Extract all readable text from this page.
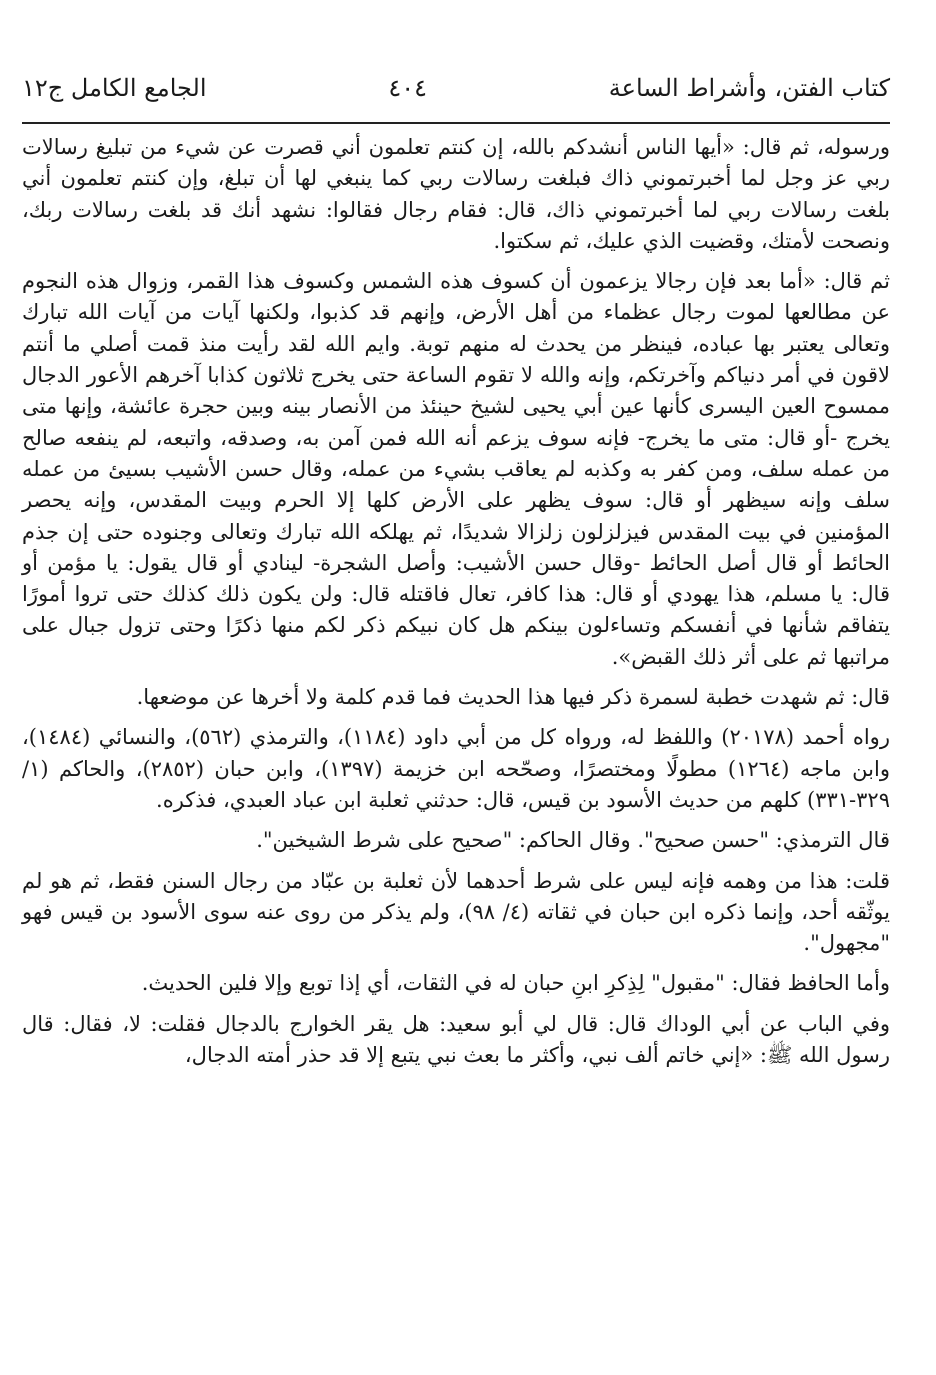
كتاب الفتن، وأشراط الساعة
٤٠٤
الجامع الكامل ج١٢

ورسوله، ثم قال: «أيها الناس أنشدكم بالله، إن كنتم تعلمون أني قصرت عن شيء من تبليغ رسالات ربي عز وجل لما أخبرتموني ذاك فبلغت رسالات ربي كما ينبغي لها أن تبلغ، وإن كنتم تعلمون أني بلغت رسالات ربي لما أخبرتموني ذاك، قال: فقام رجال فقالوا: نشهد أنك قد بلغت رسالات ربك، ونصحت لأمتك، وقضيت الذي عليك، ثم سكتوا.

ثم قال: «أما بعد فإن رجالا يزعمون أن كسوف هذه الشمس وكسوف هذا القمر، وزوال هذه النجوم عن مطالعها لموت رجال عظماء من أهل الأرض، وإنهم قد كذبوا، ولكنها آيات من آيات الله تبارك وتعالى يعتبر بها عباده، فينظر من يحدث له منهم توبة. وايم الله لقد رأيت منذ قمت أصلي ما أنتم لاقون في أمر دنياكم وآخرتكم، وإنه والله لا تقوم الساعة حتى يخرج ثلاثون كذابا آخرهم الأعور الدجال ممسوح العين اليسرى كأنها عين أبي يحيى لشيخ حينئذ من الأنصار بينه وبين حجرة عائشة، وإنها متى يخرج -أو قال: متى ما يخرج- فإنه سوف يزعم أنه الله فمن آمن به، وصدقه، واتبعه، لم ينفعه صالح من عمله سلف، ومن كفر به وكذبه لم يعاقب بشيء من عمله، وقال حسن الأشيب بسيئ من عمله سلف وإنه سيظهر أو قال: سوف يظهر على الأرض كلها إلا الحرم وبيت المقدس، وإنه يحصر المؤمنين في بيت المقدس فيزلزلون زلزالا شديدًا، ثم يهلكه الله تبارك وتعالى وجنوده حتى إن جذم الحائط أو قال أصل الحائط -وقال حسن الأشيب: وأصل الشجرة- لينادي أو قال يقول: يا مؤمن أو قال: يا مسلم، هذا يهودي أو قال: هذا كافر، تعال فاقتله قال: ولن يكون ذلك كذلك حتى تروا أمورًا يتفاقم شأنها في أنفسكم وتساءلون بينكم هل كان نبيكم ذكر لكم منها ذكرًا وحتى تزول جبال على مراتبها ثم على أثر ذلك القبض».

قال: ثم شهدت خطبة لسمرة ذكر فيها هذا الحديث فما قدم كلمة ولا أخرها عن موضعها.

رواه أحمد (٢٠١٧٨) واللفظ له، ورواه كل من أبي داود (١١٨٤)، والترمذي (٥٦٢)، والنسائي (١٤٨٤)، وابن ماجه (١٢٦٤) مطولًا ومختصرًا، وصحّحه ابن خزيمة (١٣٩٧)، وابن حبان (٢٨٥٢)، والحاكم (١/ ٣٢٩-٣٣١) كلهم من حديث الأسود بن قيس، قال: حدثني ثعلبة ابن عباد العبدي، فذكره.

قال الترمذي: "حسن صحيح". وقال الحاكم: "صحيح على شرط الشيخين".

قلت: هذا من وهمه فإنه ليس على شرط أحدهما لأن ثعلبة بن عبّاد من رجال السنن فقط، ثم هو لم يوثّقه أحد، وإنما ذكره ابن حبان في ثقاته (٤/ ٩٨)، ولم يذكر من روى عنه سوى الأسود بن قيس فهو "مجهول".

وأما الحافظ فقال: "مقبول" لِذِكرِ ابنِ حبان له في الثقات، أي إذا توبع وإلا فلين الحديث.

وفي الباب عن أبي الوداك قال: قال لي أبو سعيد: هل يقر الخوارج بالدجال فقلت: لا، فقال: قال رسول الله ﷺ: «إني خاتم ألف نبي، وأكثر ما بعث نبي يتبع إلا قد حذر أمته الدجال،
